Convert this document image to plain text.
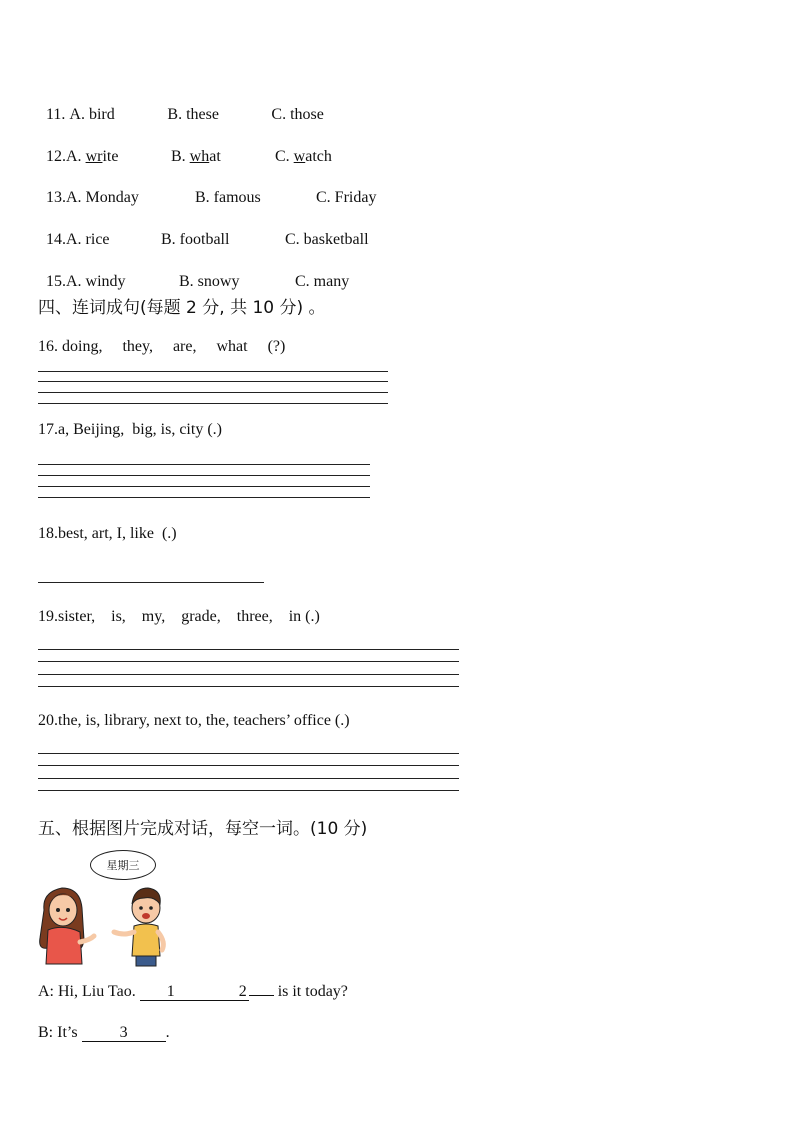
11. A. bird	B. these	C. those

12.A. write	B. what	C. watch

13.A. Monday	B. famous	C. Friday

14.A. rice	B. football	C. basketball

15.A. windy	B. snowy	C. many

四、连词成句(每题 2 分, 共 10 分) 。
16. doing,     they,     are,     what     (?)
17.a, Beijing,  big, is, city (.)
18.best, art, I, like  (.)
19.sister,    is,    my,    grade,    three,    in (.)
20.the, is, library, next to, the, teachers’ office (.)
五、根据图片完成对话，每空一词。(10 分)
星期三
A: Hi, Liu Tao. 1	2 is it today?
B: It’s 3 .
